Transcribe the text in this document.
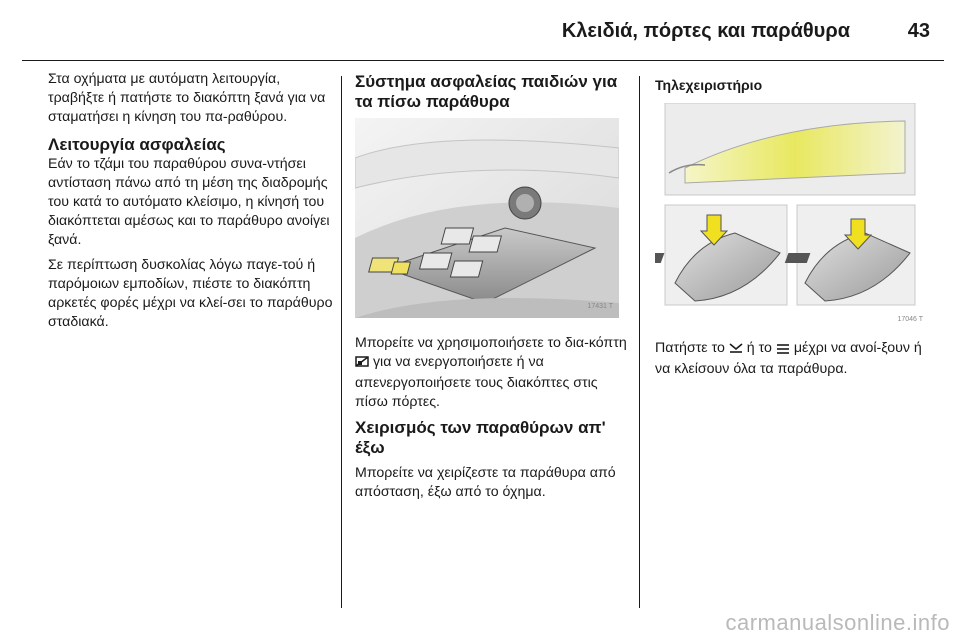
Κλειδιά, πόρτες και παράθυρα	43

Στα οχήματα με αυτόματη λειτουργία, τραβήξτε ή πατήστε το διακόπτη ξανά για να σταματήσει η κίνηση του πα-ραθύρου.

Λειτουργία ασφαλείας

Εάν το τζάμι του παραθύρου συνα-ντήσει αντίσταση πάνω από τη μέση της διαδρομής του κατά το αυτόματο κλείσιμο, η κίνησή του διακόπτεται αμέσως και το παράθυρο ανοίγει ξανά.

Σε περίπτωση δυσκολίας λόγω παγε-τού ή παρόμοιων εμποδίων, πιέστε το διακόπτη αρκετές φορές μέχρι να κλεί-σει το παράθυρο σταδιακά.

Σύστημα ασφαλείας παιδιών για τα πίσω παράθυρα
17431 T

Μπορείτε να χρησιμοποιήσετε το δια-κόπτη  για να ενεργοποιήσετε ή να απενεργοποιήσετε τους διακόπτες στις πίσω πόρτες.

Χειρισμός των παραθύρων απ' έξω

Μπορείτε να χειρίζεστε τα παράθυρα από απόσταση, έξω από το όχημα.

Τηλεχειριστήριο
17046 T

Πατήστε το ή το μέχρι να ανοί-ξουν ή να κλείσουν όλα τα παράθυρα.

carmanualsonline.info
